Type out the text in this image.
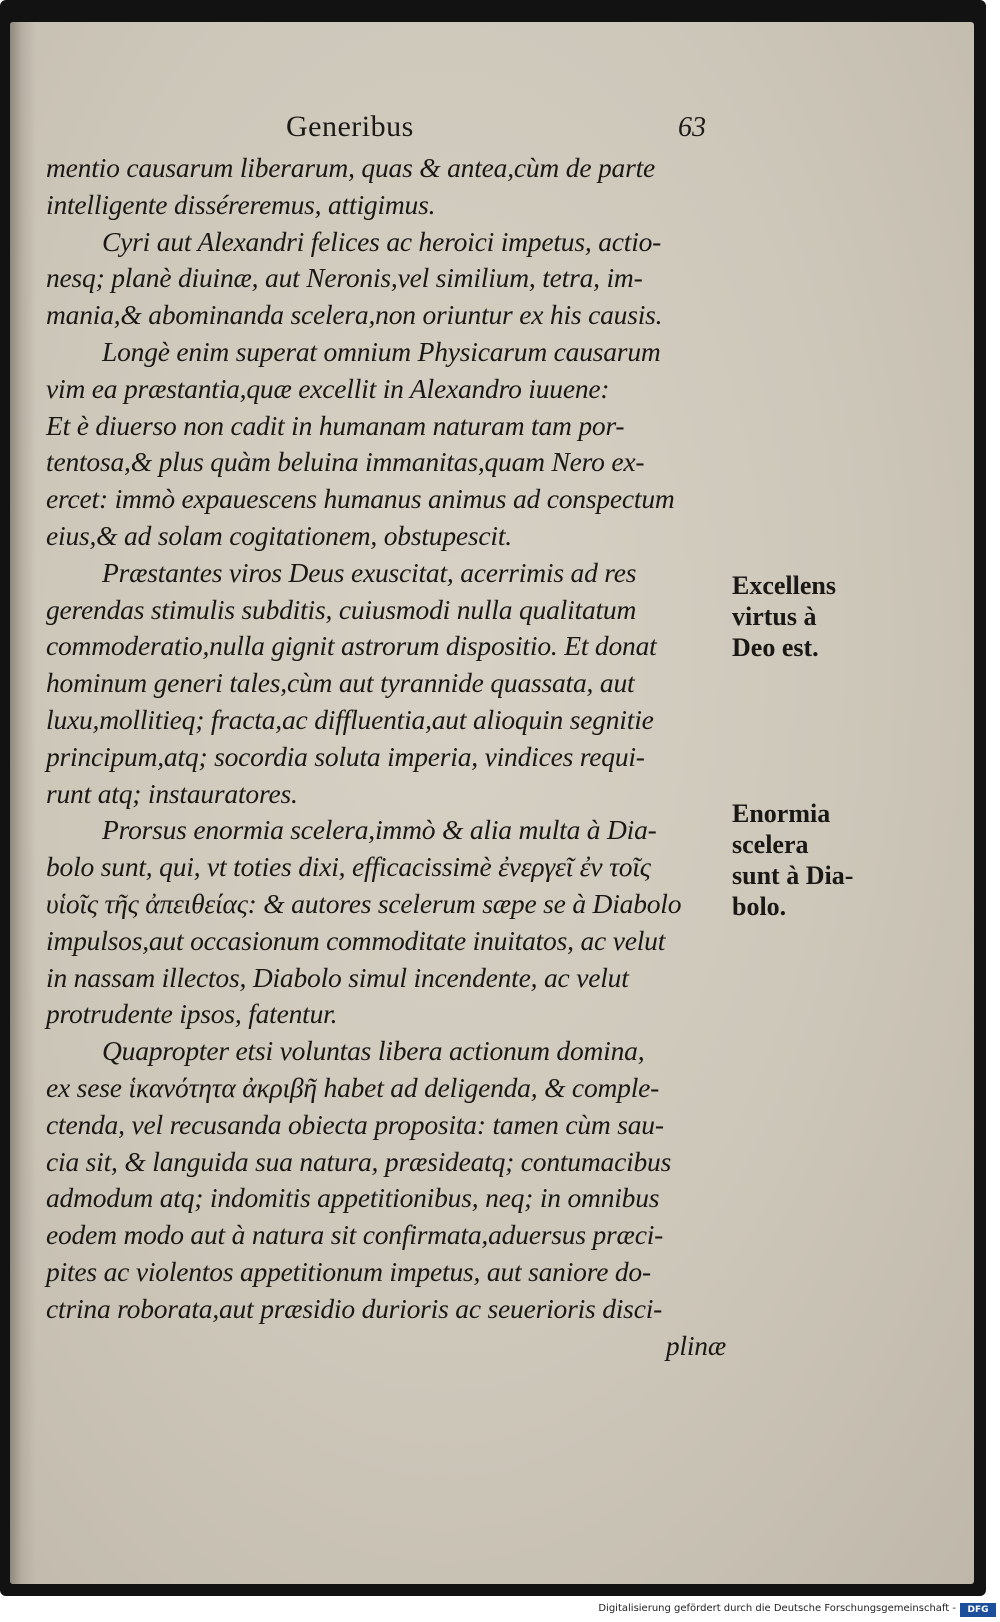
Generibus	63
mentio causarum liberarum, quas & antea,cùm de parte
intelligente disséreremus, attigimus.
Cyri aut Alexandri felices ac heroici impetus, actio-
nesq; planè diuinæ, aut Neronis,vel similium, tetra, im-
mania,& abominanda scelera,non oriuntur ex his causis.
Longè enim superat omnium Physicarum causarum
vim ea præstantia,quæ excellit in Alexandro iuuene:
Et è diuerso non cadit in humanam naturam tam por-
tentosa,& plus quàm beluina immanitas,quam Nero ex-
ercet: immò expauescens humanus animus ad conspectum
eius,& ad solam cogitationem, obstupescit.
Præstantes viros Deus exuscitat, acerrimis ad res
gerendas stimulis subditis, cuiusmodi nulla qualitatum
commoderatio,nulla gignit astrorum dispositio. Et donat
hominum generi tales,cùm aut tyrannide quassata, aut
luxu,mollitieq; fracta,ac diffluentia,aut alioquin segnitie
principum,atq; socordia soluta imperia, vindices requi-
runt atq; instauratores.
Prorsus enormia scelera,immò & alia multa à Dia-
bolo sunt, qui, vt toties dixi, efficacissimè ἐνεργεῖ ἐν τοῖς
υἱοῖς τῆς ἀπειθείας: & autores scelerum sæpe se à Diabolo
impulsos,aut occasionum commoditate inuitatos, ac velut
in nassam illectos, Diabolo simul incendente, ac velut
protrudente ipsos, fatentur.
Quapropter etsi voluntas libera actionum domina,
ex sese ἱκανότητα ἀκριβῆ habet ad deligenda, & comple-
ctenda, vel recusanda obiecta proposita: tamen cùm sau-
cia sit, & languida sua natura, præsideatq; contumacibus
admodum atq; indomitis appetitionibus, neq; in omnibus
eodem modo aut à natura sit confirmata,aduersus præci-
pites ac violentos appetitionum impetus, aut saniore do-
ctrina roborata,aut præsidio durioris ac seuerioris disci-
plinæ
Excellens
virtus à
Deo est.
Enormia
scelera
sunt à Dia-
bolo.
Digitalisierung gefördert durch die Deutsche Forschungsgemeinschaft -	DFG
